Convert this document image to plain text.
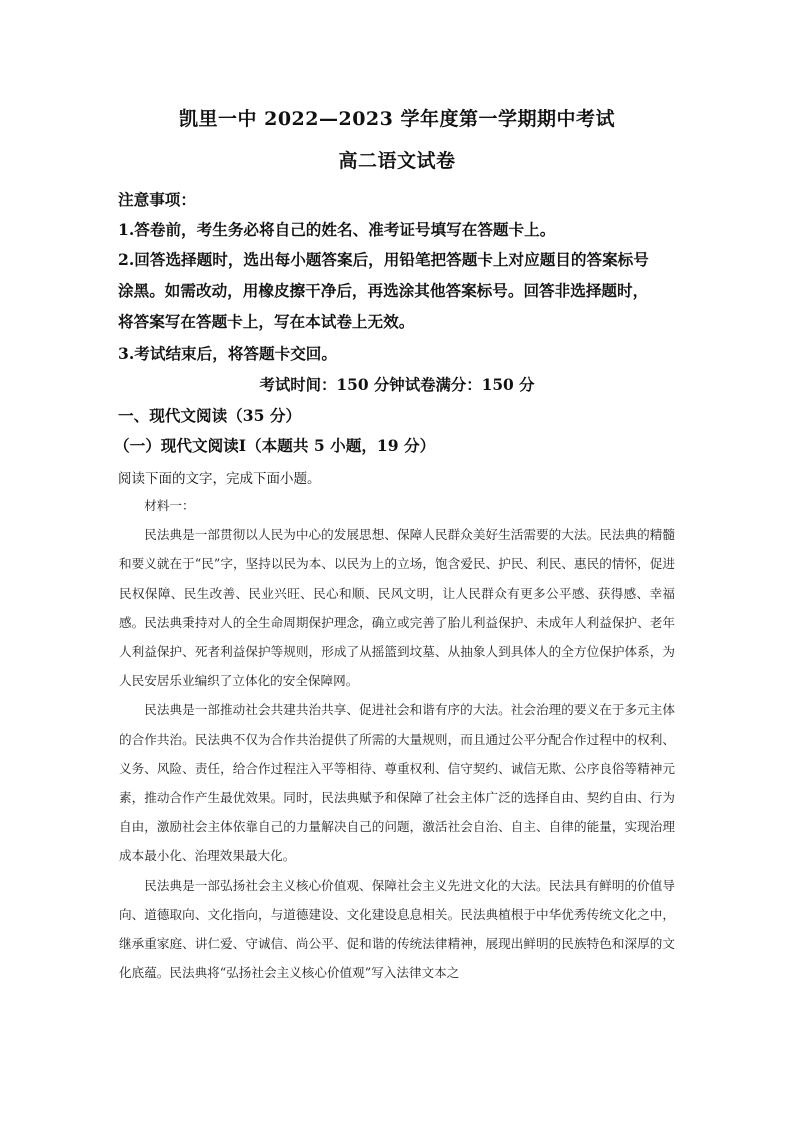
凯里一中 2022—2023 学年度第一学期期中考试
高二语文试卷
注意事项：
1.答卷前，考生务必将自己的姓名、准考证号填写在答题卡上。
2.回答选择题时，选出每小题答案后，用铅笔把答题卡上对应题目的答案标号
涂黑。如需改动，用橡皮擦干净后，再选涂其他答案标号。回答非选择题时，
将答案写在答题卡上，写在本试卷上无效。
3.考试结束后，将答题卡交回。
考试时间：150 分钟试卷满分：150 分
一、现代文阅读（35 分）
（一）现代文阅读Ⅰ（本题共 5 小题，19 分）
阅读下面的文字，完成下面小题。

材料一：

民法典是一部贯彻以人民为中心的发展思想、保障人民群众美好生活需要的大法。民法典的精髓和要义就在于“民”字，坚持以民为本、以民为上的立场，饱含爱民、护民、利民、惠民的情怀，促进民权保障、民生改善、民业兴旺、民心和顺、民风文明，让人民群众有更多公平感、获得感、幸福感。民法典秉持对人的全生命周期保护理念，确立或完善了胎儿利益保护、未成年人利益保护、老年人利益保护、死者利益保护等规则，形成了从摇篮到坟墓、从抽象人到具体人的全方位保护体系，为人民安居乐业编织了立体化的安全保障网。

民法典是一部推动社会共建共治共享、促进社会和谐有序的大法。社会治理的要义在于多元主体的合作共治。民法典不仅为合作共治提供了所需的大量规则，而且通过公平分配合作过程中的权利、义务、风险、责任，给合作过程注入平等相待、尊重权利、信守契约、诚信无欺、公序良俗等精神元素，推动合作产生最优效果。同时，民法典赋予和保障了社会主体广泛的选择自由、契约自由、行为自由，激励社会主体依靠自己的力量解决自己的问题，激活社会自治、自主、自律的能量，实现治理成本最小化、治理效果最大化。

民法典是一部弘扬社会主义核心价值观、保障社会主义先进文化的大法。民法具有鲜明的价值导向、道德取向、文化指向，与道德建设、文化建设息息相关。民法典植根于中华优秀传统文化之中，继承重家庭、讲仁爱、守诚信、尚公平、促和谐的传统法律精神，展现出鲜明的民族特色和深厚的文化底蕴。民法典将“弘扬社会主义核心价值观”写入法律文本之
